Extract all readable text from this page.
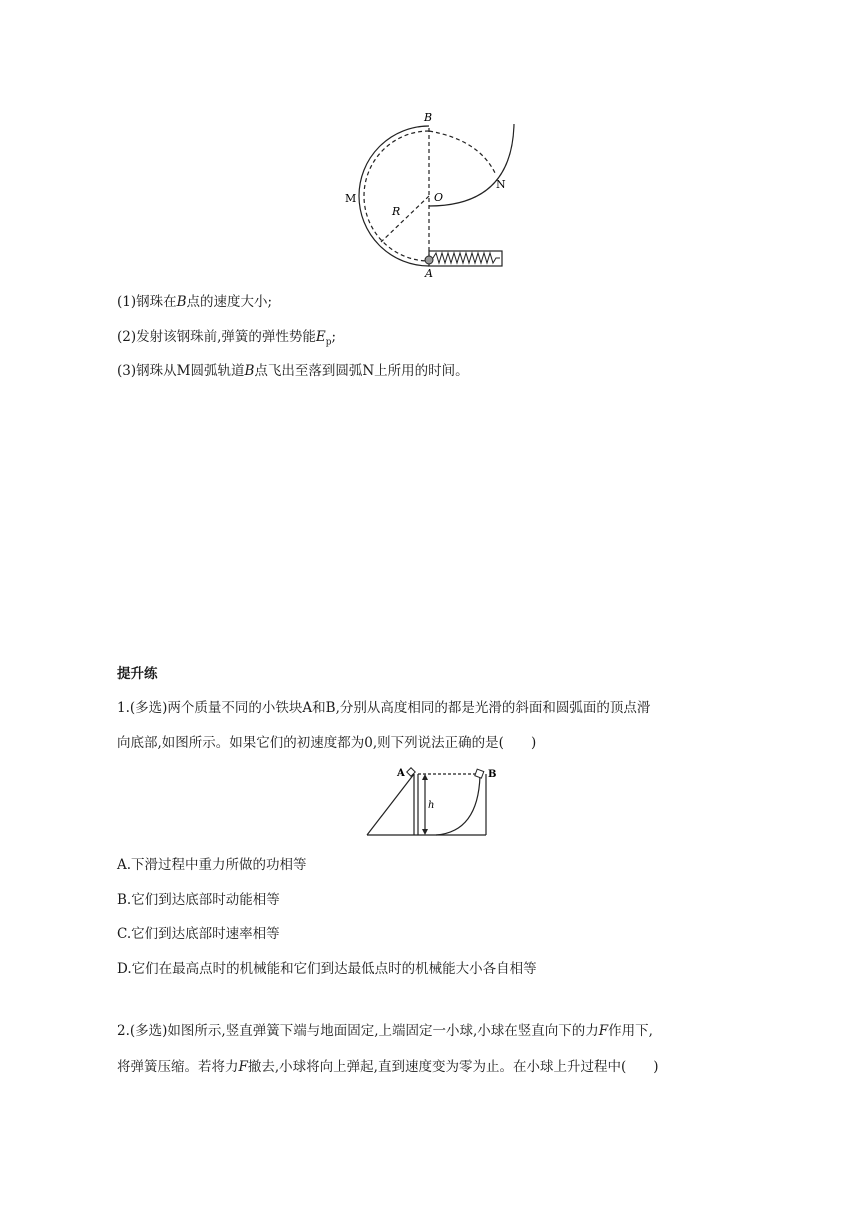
B
O
M
N
R
A
(1)钢珠在B点的速度大小;
(2)发射该钢珠前,弹簧的弹性势能$E_p$;
(3)钢珠从M圆弧轨道B点飞出至落到圆弧N上所用的时间。
提升练
1.(多选)两个质量不同的小铁块A和B,分别从高度相同的都是光滑的斜面和圆弧面的顶点滑
向底部,如图所示。如果它们的初速度都为0,则下列说法正确的是(　　)
A	B
h
A.下滑过程中重力所做的功相等
B.它们到达底部时动能相等
C.它们到达底部时速率相等
D.它们在最高点时的机械能和它们到达最低点时的机械能大小各自相等
2.(多选)如图所示,竖直弹簧下端与地面固定,上端固定一小球,小球在竖直向下的力F作用下,
将弹簧压缩。若将力F撤去,小球将向上弹起,直到速度变为零为止。在小球上升过程中(　　)
